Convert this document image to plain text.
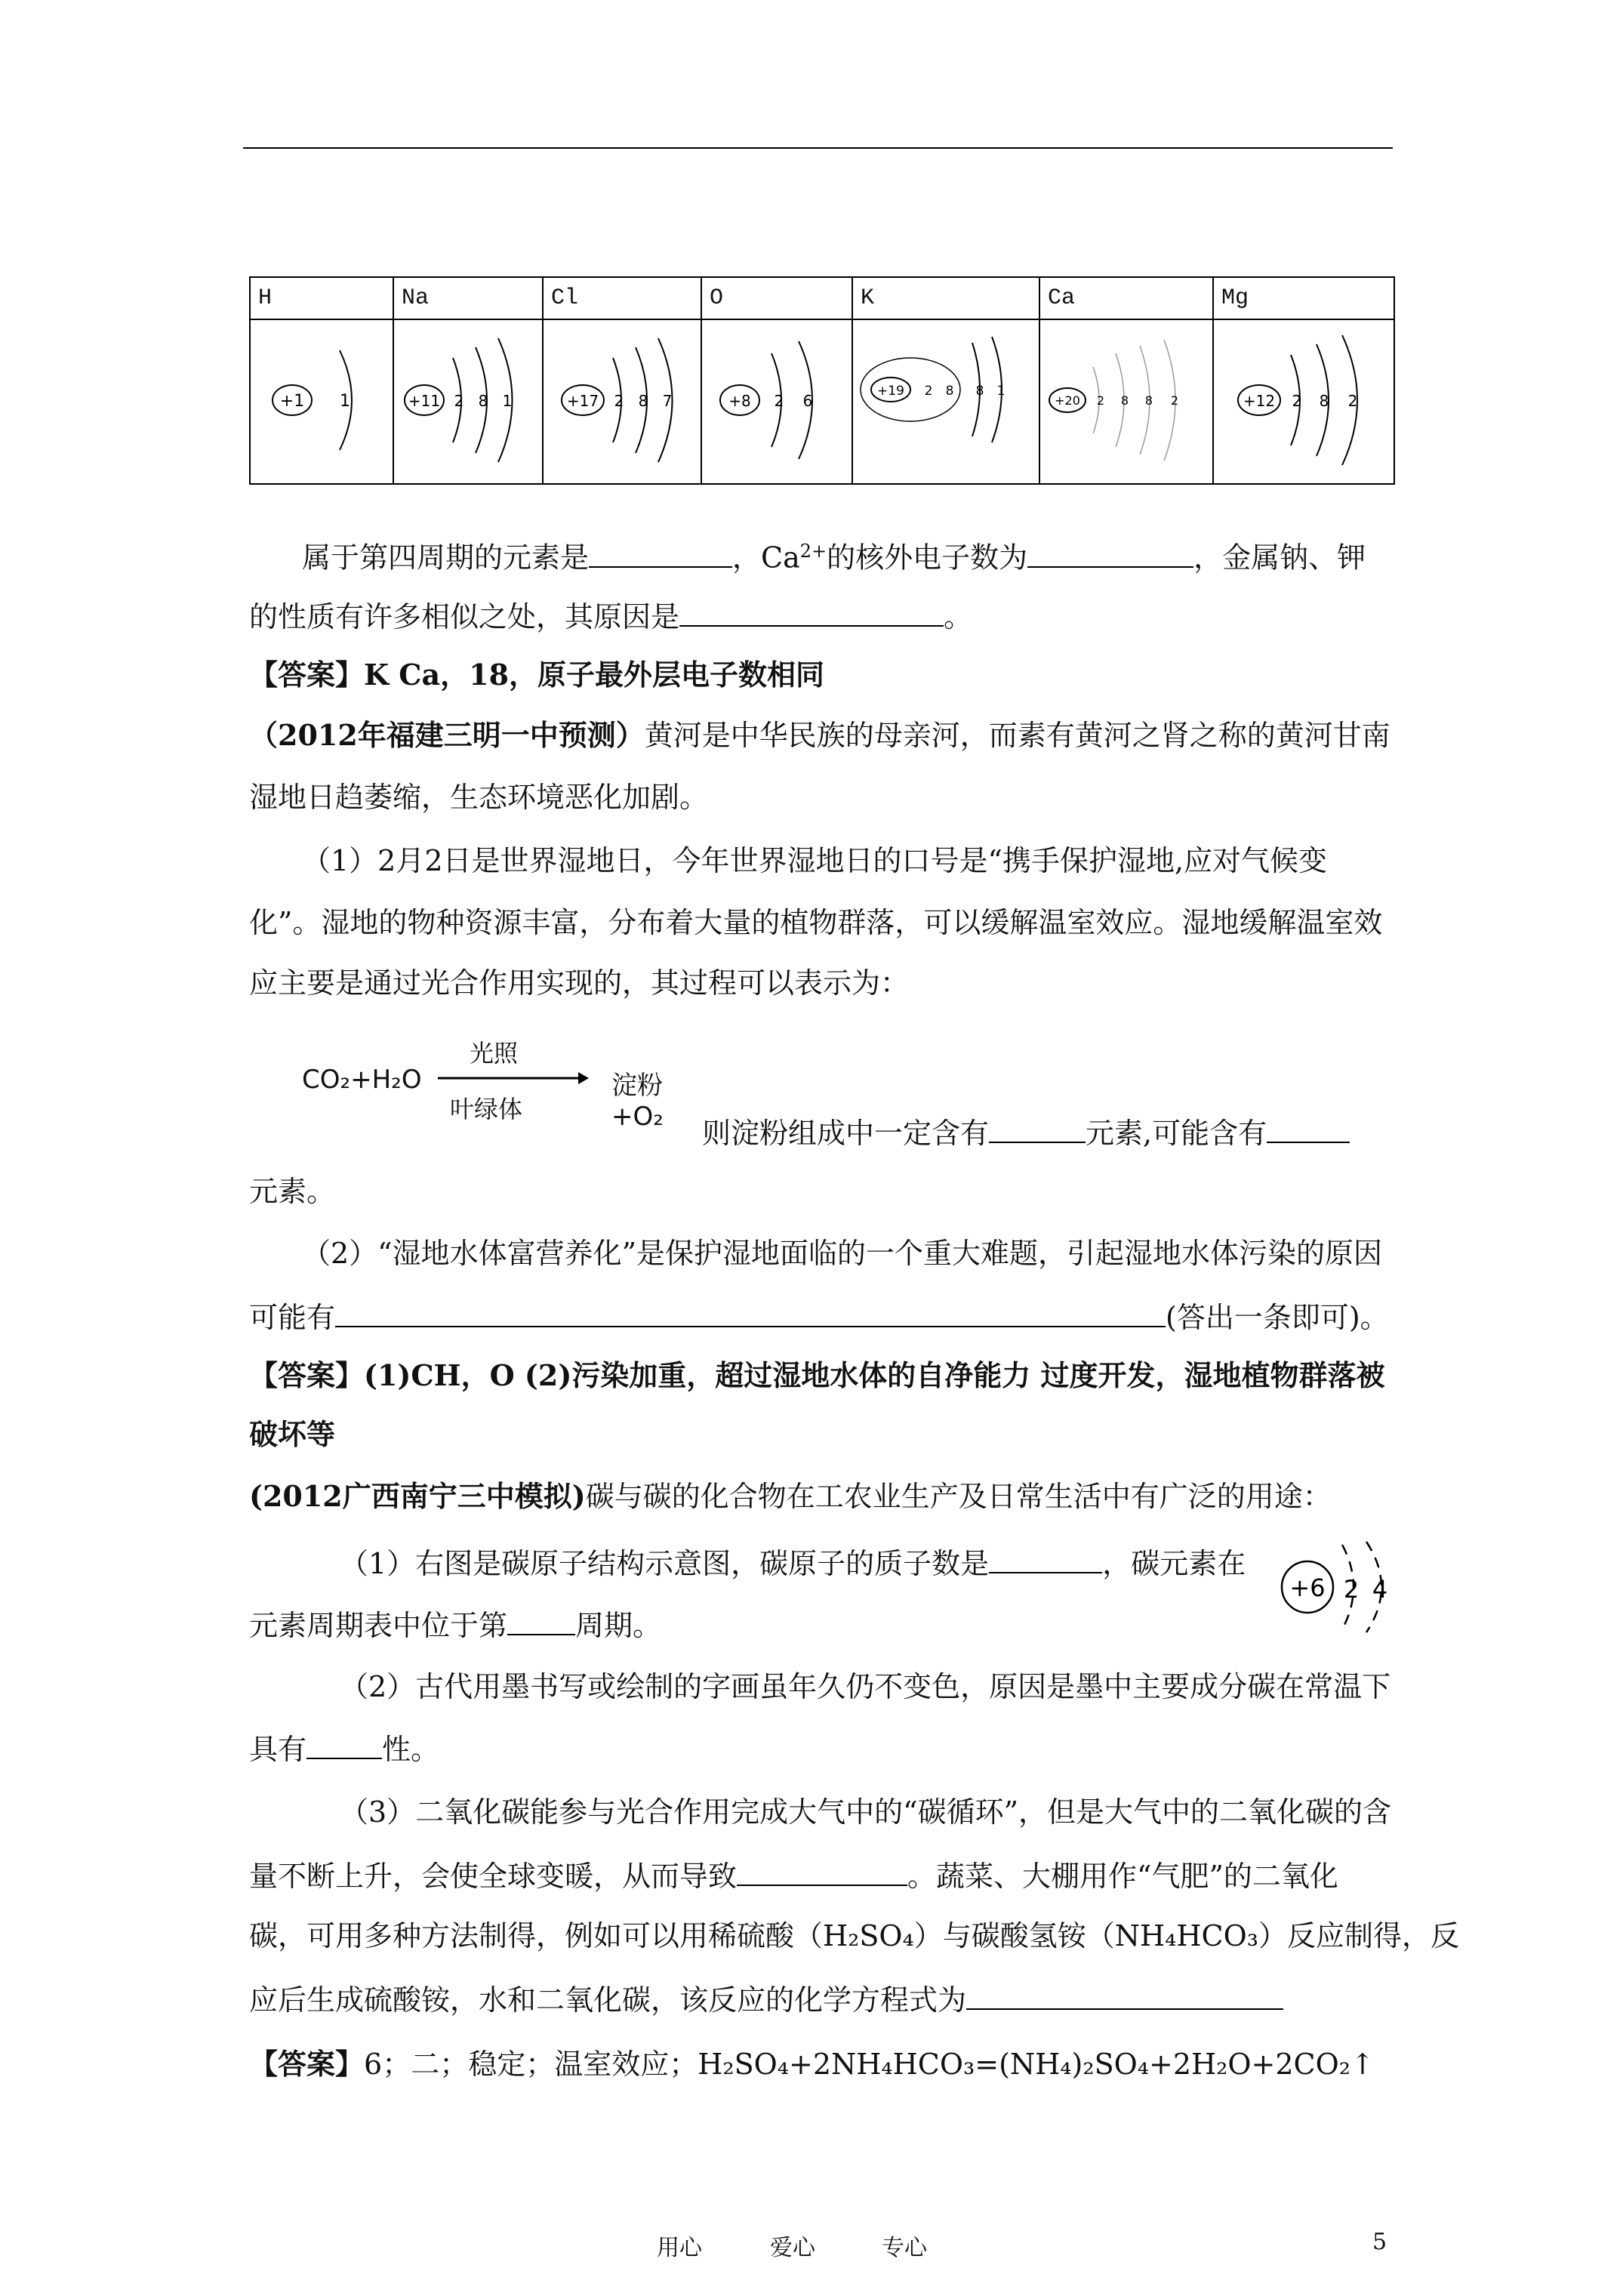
H	Na	Cl	O	K	Ca	Mg

+1 1	+11 2 8 1	+17 2 8 7	+8 2 6	+19 2 8 8 1	+20 2 8 8 2	+12 2 8 2
属于第四周期的元素是	，$Ca^{2+}$的核外电子数为	，金属钠、钾
的性质有许多相似之处，其原因是	。
【答案】K Ca，18，原子最外层电子数相同
（2012年福建三明一中预测）黄河是中华民族的母亲河，而素有黄河之肾之称的黄河甘南
湿地日趋萎缩，生态环境恶化加剧。
（1）2月2日是世界湿地日，今年世界湿地日的口号是“携手保护湿地,应对气候变
化”。湿地的物种资源丰富，分布着大量的植物群落，可以缓解温室效应。湿地缓解温室效
应主要是通过光合作用实现的，其过程可以表示为：
CO₂+H₂O
光照
叶绿体
淀粉+O₂	则淀粉组成中一定含有	元素,可能含有
元素。
（2）“湿地水体富营养化”是保护湿地面临的一个重大难题，引起湿地水体污染的原因
可能有	(答出一条即可)。
【答案】(1)CH，O (2)污染加重，超过湿地水体的自净能力 过度开发，湿地植物群落被
破坏等
(2012广西南宁三中模拟)碳与碳的化合物在工农业生产及日常生活中有广泛的用途：
（1）右图是碳原子结构示意图，碳原子的质子数是	，碳元素在
元素周期表中位于第 周期。
+6 2 4
（2）古代用墨书写或绘制的字画虽年久仍不变色，原因是墨中主要成分碳在常温下
具有	性。
（3）二氧化碳能参与光合作用完成大气中的“碳循环”，但是大气中的二氧化碳的含
量不断上升，会使全球变暖，从而导致	。蔬菜、大棚用作“气肥”的二氧化
碳，可用多种方法制得，例如可以用稀硫酸（H₂SO₄）与碳酸氢铵（NH₄HCO₃）反应制得，反
应后生成硫酸铵，水和二氧化碳，该反应的化学方程式为
【答案】6；二；稳定；温室效应；H₂SO₄+2NH₄HCO₃=(NH₄)₂SO₄+2H₂O+2CO₂↑
用心	爱心	专心	5
